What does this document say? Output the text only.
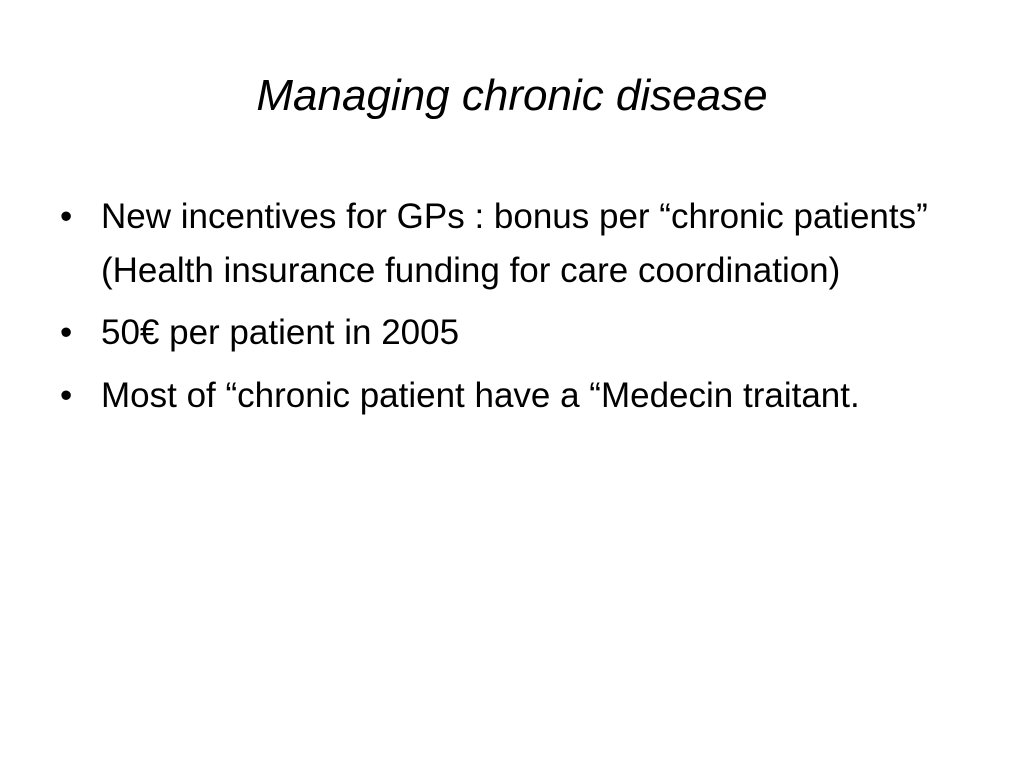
Managing chronic disease
• New incentives for GPs : bonus per “chronic patients” (Health insurance funding for care coordination)
• 50€ per patient in 2005
• Most of “chronic patient have a “Medecin traitant.
